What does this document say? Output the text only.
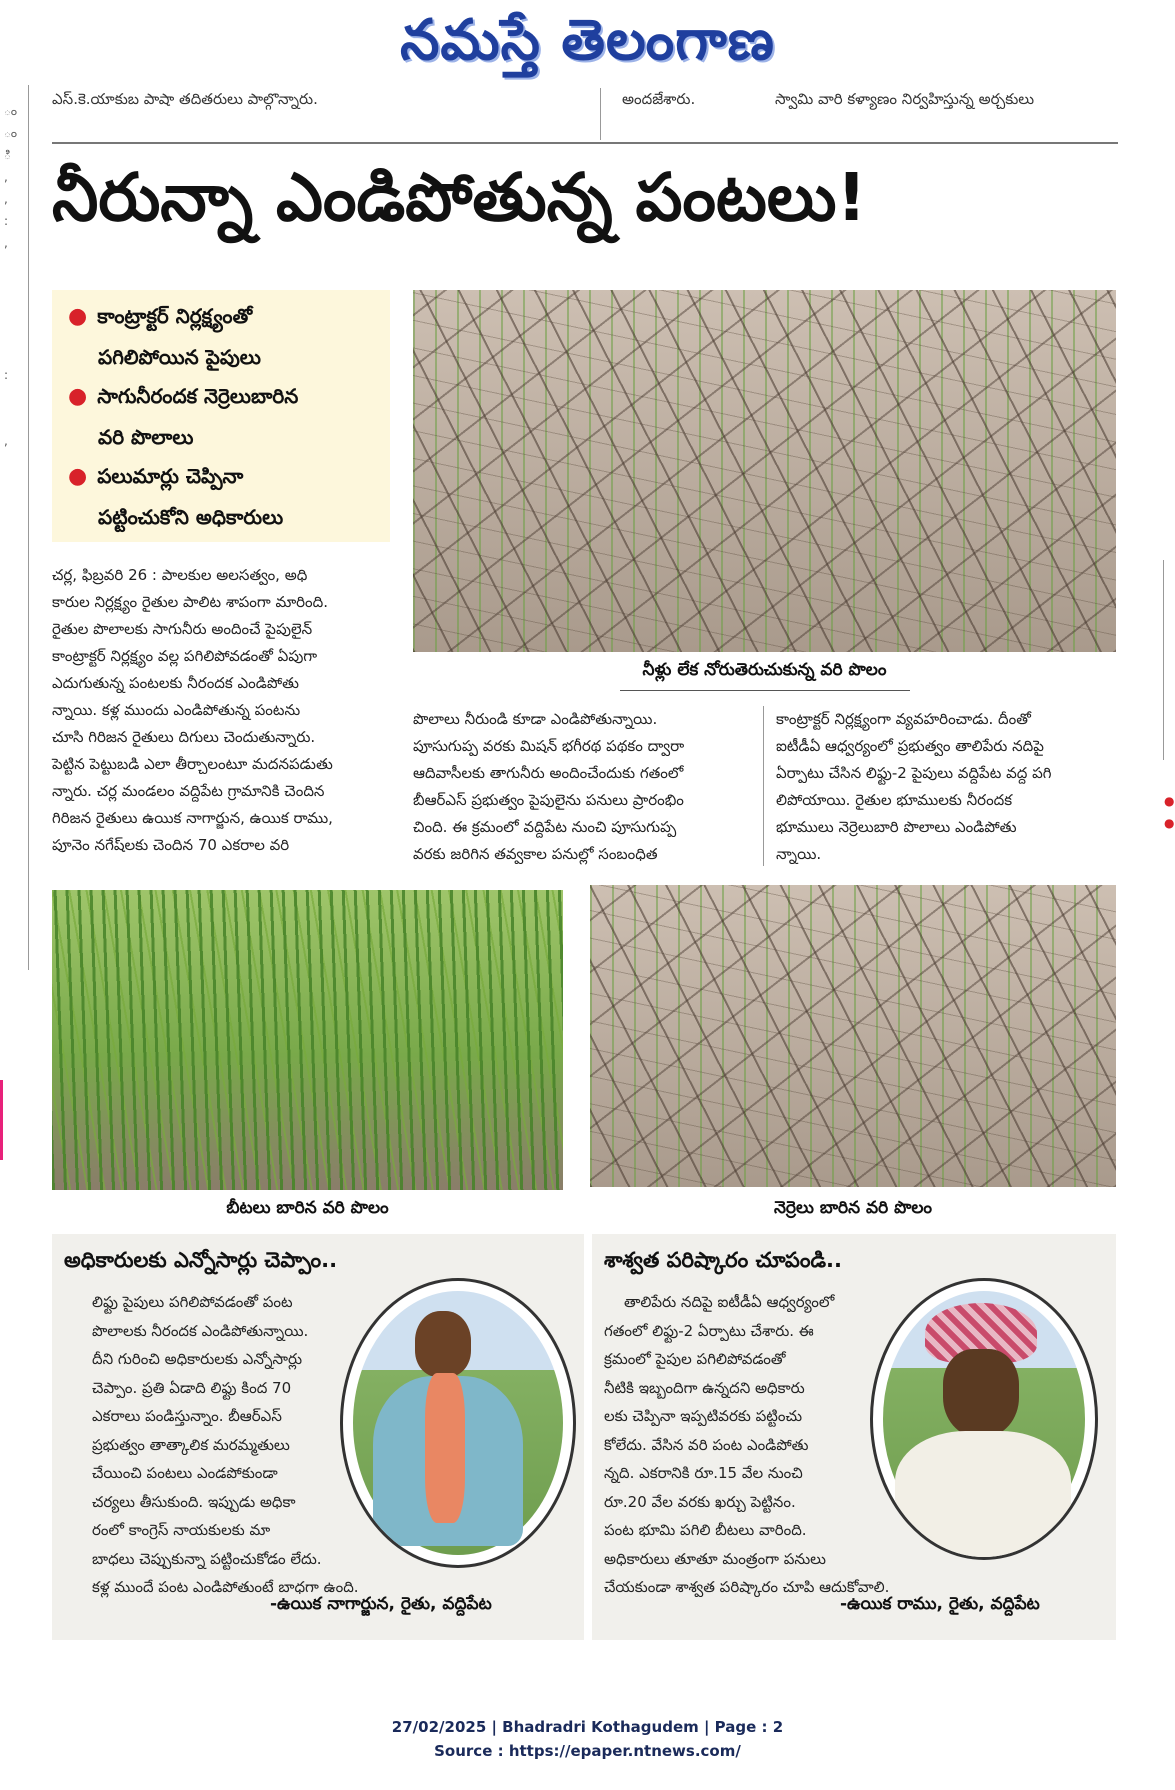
నమస్తే తెలంగాణ
ం
ం
ి
,
,
:
,

:

,
●
●
ఎస్.కె.యాకుబ పాషా తదితరులు పాల్గొన్నారు.	అందజేశారు.	స్వామి వారి కళ్యాణం నిర్వహిస్తున్న అర్చకులు
నీరున్నా ఎండిపోతున్న పంటలు!
● కాంట్రాక్టర్ నిర్లక్ష్యంతో
పగిలిపోయిన పైపులు
● సాగునీరందక నెర్రెలుబారిన
వరి పొలాలు
● పలుమార్లు చెప్పినా
పట్టించుకోని అధికారులు
నీళ్లు లేక నోరుతెరుచుకున్న వరి పొలం

చర్ల, ఫిబ్రవరి 26 : పాలకుల అలసత్వం, అధి

కారుల నిర్లక్ష్యం రైతుల పాలిట శాపంగా మారింది.

రైతుల పొలాలకు సాగునీరు అందించే పైపులైన్

కాంట్రాక్టర్ నిర్లక్ష్యం వల్ల పగిలిపోవడంతో ఏపుగా

ఎదుగుతున్న పంటలకు నీరందక ఎండిపోతు

న్నాయి. కళ్ల ముందు ఎండిపోతున్న పంటను

చూసి గిరిజన రైతులు దిగులు చెందుతున్నారు.

పెట్టిన పెట్టుబడి ఎలా తీర్చాలంటూ మదనపడుతు

న్నారు. చర్ల మండలం వద్దిపేట గ్రామానికి చెందిన

గిరిజన రైతులు ఉయిక నాగార్జున, ఉయిక రాము,

పూనెం నగేష్‌లకు చెందిన 70 ఎకరాల వరి

పొలాలు నీరుండి కూడా ఎండిపోతున్నాయి.

పూసుగుప్ప వరకు మిషన్ భగీరథ పథకం ద్వారా

ఆదివాసీలకు తాగునీరు అందించేందుకు గతంలో

బీఆర్ఎస్ ప్రభుత్వం పైపులైను పనులు ప్రారంభిం

చింది. ఈ క్రమంలో వద్దిపేట నుంచి పూసుగుప్ప

వరకు జరిగిన తవ్వకాల పనుల్లో సంబంధిత

కాంట్రాక్టర్ నిర్లక్ష్యంగా వ్యవహరించాడు. దీంతో

ఐటీడీఏ ఆధ్వర్యంలో ప్రభుత్వం తాలిపేరు నదిపై

ఏర్పాటు చేసిన లిఫ్టు-2 పైపులు వద్దిపేట వద్ద పగి

లిపోయాయి. రైతుల భూములకు నీరందక

భూములు నెర్రెలుబారి పొలాలు ఎండిపోతు

న్నాయి.

బీటలు బారిన వరి పొలం	నెర్రెలు బారిన వరి పొలం
అధికారులకు ఎన్నోసార్లు చెప్పాం..
లిఫ్టు పైపులు పగిలిపోవడంతో పంట
పొలాలకు నీరందక ఎండిపోతున్నాయి.
దీని గురించి అధికారులకు ఎన్నోసార్లు
చెప్పాం. ప్రతి ఏడాది లిఫ్టు కింద 70
ఎకరాలు పండిస్తున్నాం. బీఆర్ఎస్
ప్రభుత్వం తాత్కాలిక మరమ్మతులు
చేయించి పంటలు ఎండపోకుండా
చర్యలు తీసుకుంది. ఇప్పుడు అధికా
రంలో కాంగ్రెస్ నాయకులకు మా
బాధలు చెప్పుకున్నా పట్టించుకోడం లేదు.
కళ్ల ముందే పంట ఎండిపోతుంటే బాధగా ఉంది.
-ఉయిక నాగార్జున, రైతు, వద్దిపేట
శాశ్వత పరిష్కారం చూపండి..
తాలిపేరు నదిపై ఐటీడీఏ ఆధ్వర్యంలో
గతంలో లిఫ్టు-2 ఏర్పాటు చేశారు. ఈ
క్రమంలో పైపుల పగిలిపోవడంతో
నీటికి ఇబ్బందిగా ఉన్నదని అధికారు
లకు చెప్పినా ఇప్పటివరకు పట్టించు
కోలేదు. వేసిన వరి పంట ఎండిపోతు
న్నది. ఎకరానికి రూ.15 వేల నుంచి
రూ.20 వేల వరకు ఖర్చు పెట్టినం.
పంట భూమి పగిలి బీటలు వారింది.
అధికారులు తూతూ మంత్రంగా పనులు
చేయకుండా శాశ్వత పరిష్కారం చూపి ఆదుకోవాలి.
-ఉయిక రాము, రైతు, వద్దిపేట
27/02/2025 | Bhadradri Kothagudem | Page : 2
Source : https://epaper.ntnews.com/
